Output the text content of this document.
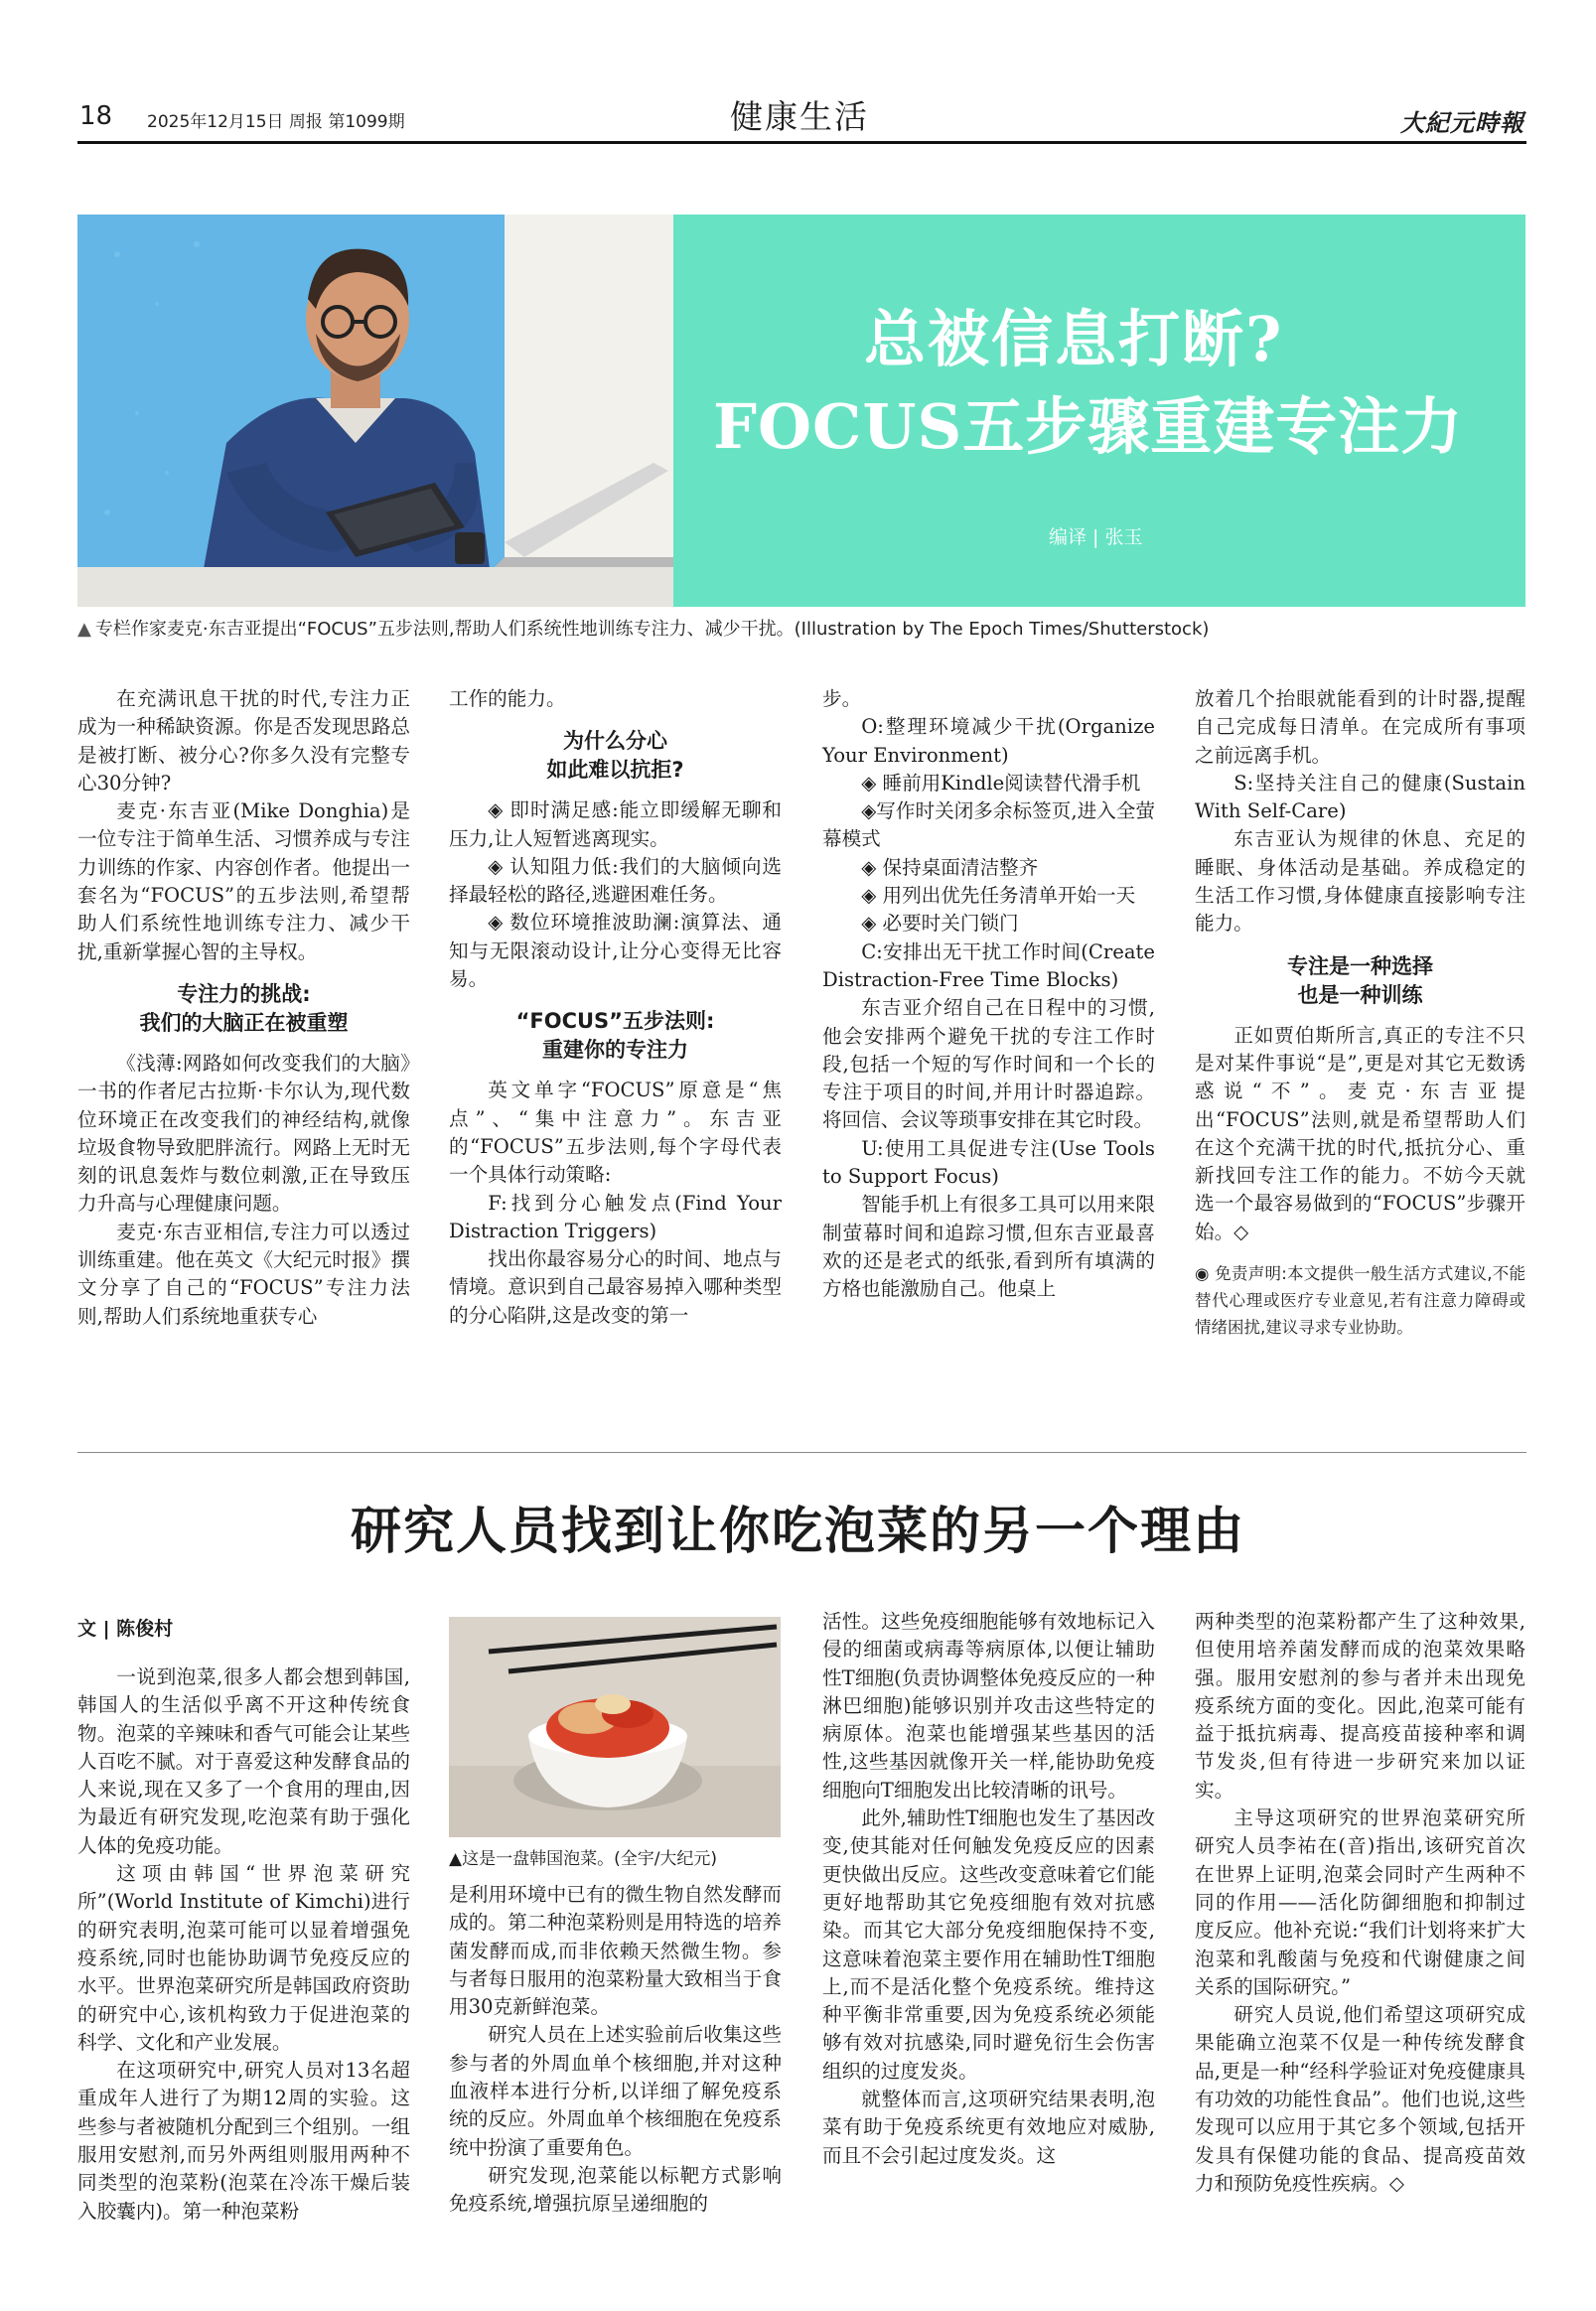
18 2025年12月15日 周报 第1099期	健康生活	大紀元時報
总被信息打断?
FOCUS五步骤重建专注力
编译 | 张玉
▲ 专栏作家麦克·东吉亚提出“FOCUS”五步法则,帮助人们系统性地训练专注力、减少干扰。(Illustration by The Epoch Times/Shutterstock)

在充满讯息干扰的时代,专注力正成为一种稀缺资源。你是否发现思路总是被打断、被分心?你多久没有完整专心30分钟?

麦克·东吉亚(Mike Donghia)是一位专注于简单生活、习惯养成与专注力训练的作家、内容创作者。他提出一套名为“FOCUS”的五步法则,希望帮助人们系统性地训练专注力、减少干扰,重新掌握心智的主导权。

专注力的挑战:
我们的大脑正在被重塑

《浅薄:网路如何改变我们的大脑》一书的作者尼古拉斯·卡尔认为,现代数位环境正在改变我们的神经结构,就像垃圾食物导致肥胖流行。网路上无时无刻的讯息轰炸与数位刺激,正在导致压力升高与心理健康问题。

麦克·东吉亚相信,专注力可以透过训练重建。他在英文《大纪元时报》撰文分享了自己的“FOCUS”专注力法则,帮助人们系统地重获专心

工作的能力。

为什么分心
如此难以抗拒?

◈ 即时满足感:能立即缓解无聊和压力,让人短暂逃离现实。

◈ 认知阻力低:我们的大脑倾向选择最轻松的路径,逃避困难任务。

◈ 数位环境推波助澜:演算法、通知与无限滚动设计,让分心变得无比容易。

“FOCUS”五步法则:
重建你的专注力

英文单字“FOCUS”原意是“焦点”、“集中注意力”。东吉亚的“FOCUS”五步法则,每个字母代表一个具体行动策略:

F:找到分心触发点(Find Your Distraction Triggers)

找出你最容易分心的时间、地点与情境。意识到自己最容易掉入哪种类型的分心陷阱,这是改变的第一

步。

O:整理环境减少干扰(Organize Your Environment)

◈ 睡前用Kindle阅读替代滑手机

◈写作时关闭多余标签页,进入全萤幕模式

◈ 保持桌面清洁整齐

◈ 用列出优先任务清单开始一天

◈ 必要时关门锁门

C:安排出无干扰工作时间(Create Distraction-Free Time Blocks)

东吉亚介绍自己在日程中的习惯,他会安排两个避免干扰的专注工作时段,包括一个短的写作时间和一个长的专注于项目的时间,并用计时器追踪。将回信、会议等琐事安排在其它时段。

U:使用工具促进专注(Use Tools to Support Focus)

智能手机上有很多工具可以用来限制萤幕时间和追踪习惯,但东吉亚最喜欢的还是老式的纸张,看到所有填满的方格也能激励自己。他桌上

放着几个抬眼就能看到的计时器,提醒自己完成每日清单。在完成所有事项之前远离手机。

S:坚持关注自己的健康(Sustain With Self-Care)

东吉亚认为规律的休息、充足的睡眠、身体活动是基础。养成稳定的生活工作习惯,身体健康直接影响专注能力。

专注是一种选择
也是一种训练

正如贾伯斯所言,真正的专注不只是对某件事说“是”,更是对其它无数诱惑说“不”。麦克·东吉亚提出“FOCUS”法则,就是希望帮助人们在这个充满干扰的时代,抵抗分心、重新找回专注工作的能力。不妨今天就选一个最容易做到的“FOCUS”步骤开始。◇

◉ 免责声明:本文提供一般生活方式建议,不能替代心理或医疗专业意见,若有注意力障碍或情绪困扰,建议寻求专业协助。

研究人员找到让你吃泡菜的另一个理由
文 | 陈俊村

一说到泡菜,很多人都会想到韩国,韩国人的生活似乎离不开这种传统食物。泡菜的辛辣味和香气可能会让某些人百吃不腻。对于喜爱这种发酵食品的人来说,现在又多了一个食用的理由,因为最近有研究发现,吃泡菜有助于强化人体的免疫功能。

这项由韩国“世界泡菜研究所”(World Institute of Kimchi)进行的研究表明,泡菜可能可以显着增强免疫系统,同时也能协助调节免疫反应的水平。世界泡菜研究所是韩国政府资助的研究中心,该机构致力于促进泡菜的科学、文化和产业发展。

在这项研究中,研究人员对13名超重成年人进行了为期12周的实验。这些参与者被随机分配到三个组别。一组服用安慰剂,而另外两组则服用两种不同类型的泡菜粉(泡菜在冷冻干燥后装入胶囊内)。第一种泡菜粉

▲这是一盘韩国泡菜。(全宇/大纪元)

是利用环境中已有的微生物自然发酵而成的。第二种泡菜粉则是用特选的培养菌发酵而成,而非依赖天然微生物。参与者每日服用的泡菜粉量大致相当于食用30克新鲜泡菜。

研究人员在上述实验前后收集这些参与者的外周血单个核细胞,并对这种血液样本进行分析,以详细了解免疫系统的反应。外周血单个核细胞在免疫系统中扮演了重要角色。

研究发现,泡菜能以标靶方式影响免疫系统,增强抗原呈递细胞的

活性。这些免疫细胞能够有效地标记入侵的细菌或病毒等病原体,以便让辅助性T细胞(负责协调整体免疫反应的一种淋巴细胞)能够识别并攻击这些特定的病原体。泡菜也能增强某些基因的活性,这些基因就像开关一样,能协助免疫细胞向T细胞发出比较清晰的讯号。

此外,辅助性T细胞也发生了基因改变,使其能对任何触发免疫反应的因素更快做出反应。这些改变意味着它们能更好地帮助其它免疫细胞有效对抗感染。而其它大部分免疫细胞保持不变,这意味着泡菜主要作用在辅助性T细胞上,而不是活化整个免疫系统。维持这种平衡非常重要,因为免疫系统必须能够有效对抗感染,同时避免衍生会伤害组织的过度发炎。

就整体而言,这项研究结果表明,泡菜有助于免疫系统更有效地应对威胁,而且不会引起过度发炎。这

两种类型的泡菜粉都产生了这种效果,但使用培养菌发酵而成的泡菜效果略强。服用安慰剂的参与者并未出现免疫系统方面的变化。因此,泡菜可能有益于抵抗病毒、提高疫苗接种率和调节发炎,但有待进一步研究来加以证实。

主导这项研究的世界泡菜研究所研究人员李祐在(音)指出,该研究首次在世界上证明,泡菜会同时产生两种不同的作用——活化防御细胞和抑制过度反应。他补充说:“我们计划将来扩大泡菜和乳酸菌与免疫和代谢健康之间关系的国际研究。”

研究人员说,他们希望这项研究成果能确立泡菜不仅是一种传统发酵食品,更是一种“经科学验证对免疫健康具有功效的功能性食品”。他们也说,这些发现可以应用于其它多个领域,包括开发具有保健功能的食品、提高疫苗效力和预防免疫性疾病。◇
